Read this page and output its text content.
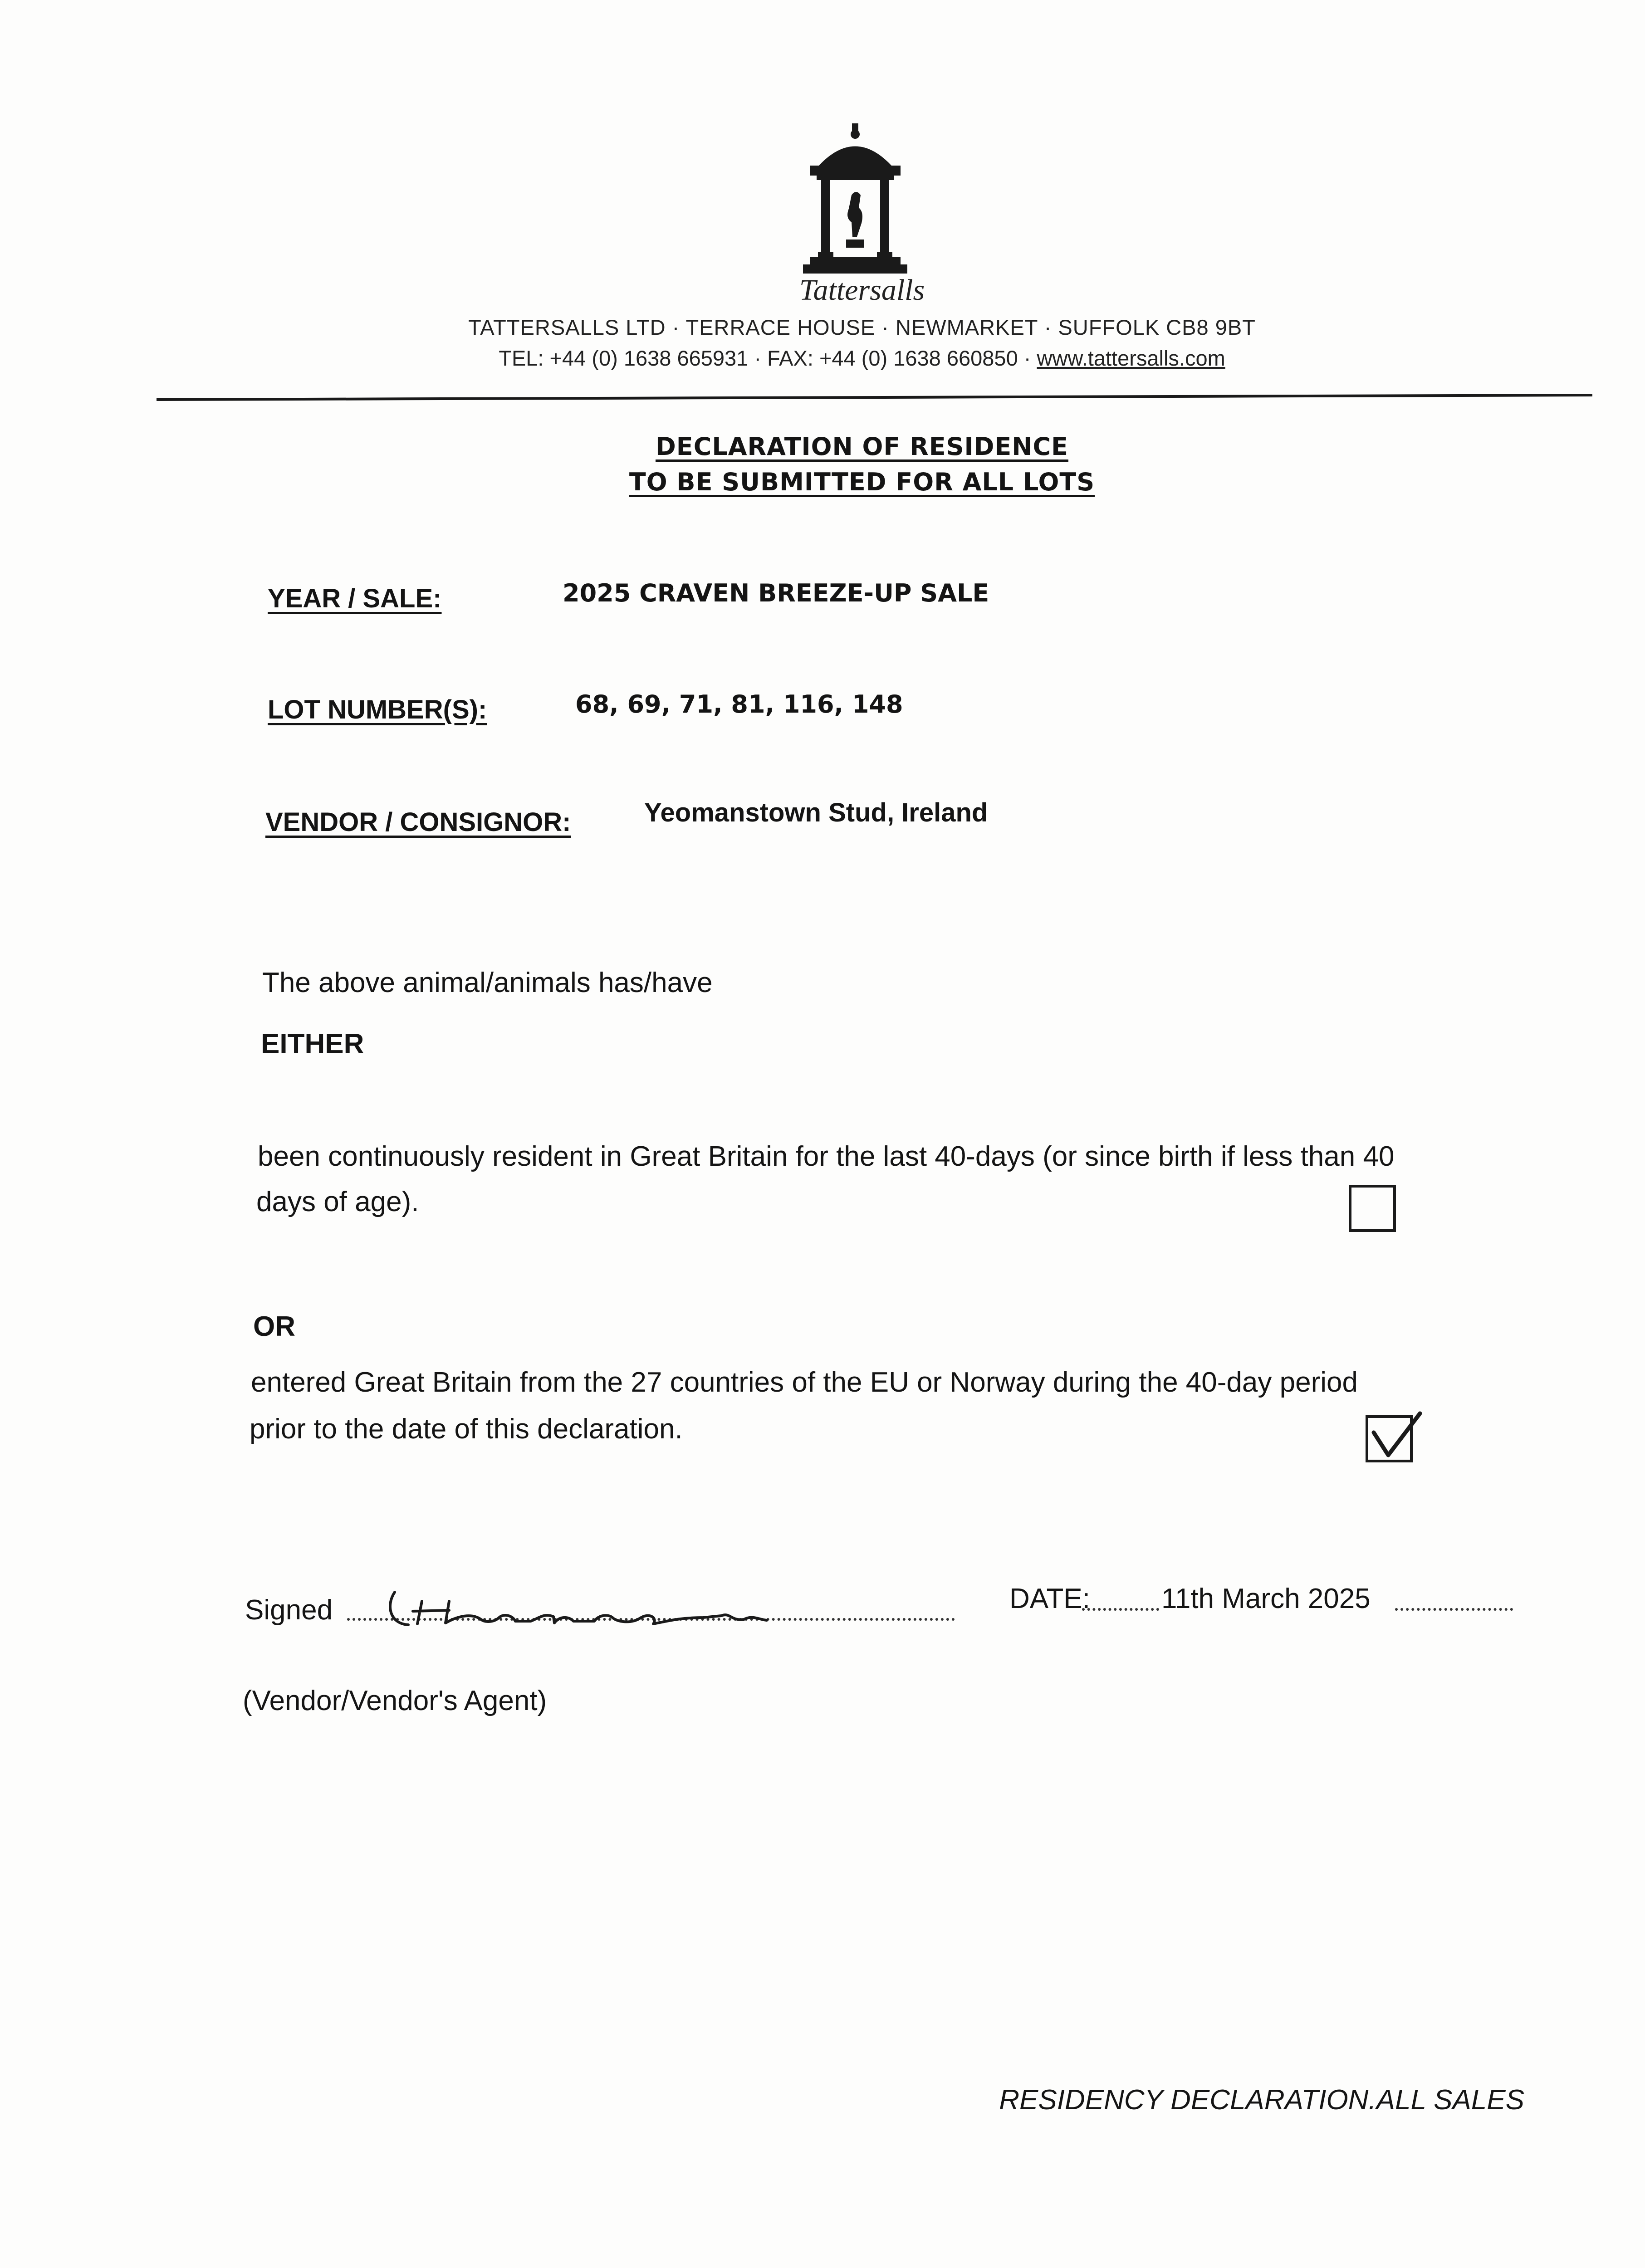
Tattersalls
TATTERSALLS LTD · TERRACE HOUSE · NEWMARKET · SUFFOLK CB8 9BT
TEL: +44 (0) 1638 665931 · FAX: +44 (0) 1638 660850 · www.tattersalls.com
DECLARATION OF RESIDENCE
TO BE SUBMITTED FOR ALL LOTS
YEAR / SALE:	2025 CRAVEN BREEZE-UP SALE
LOT NUMBER(S):	68, 69, 71, 81, 116, 148
VENDOR / CONSIGNOR:	Yeomanstown Stud, Ireland
The above animal/animals has/have
EITHER
been continuously resident in Great Britain for the last 40-days (or since birth if less than 40
days of age).
OR
entered Great Britain from the 27 countries of the EU or Norway during the 40-day period
prior to the date of this declaration.
Signed	DATE:	11th March 2025
(Vendor/Vendor's Agent)
RESIDENCY DECLARATION.ALL SALES
